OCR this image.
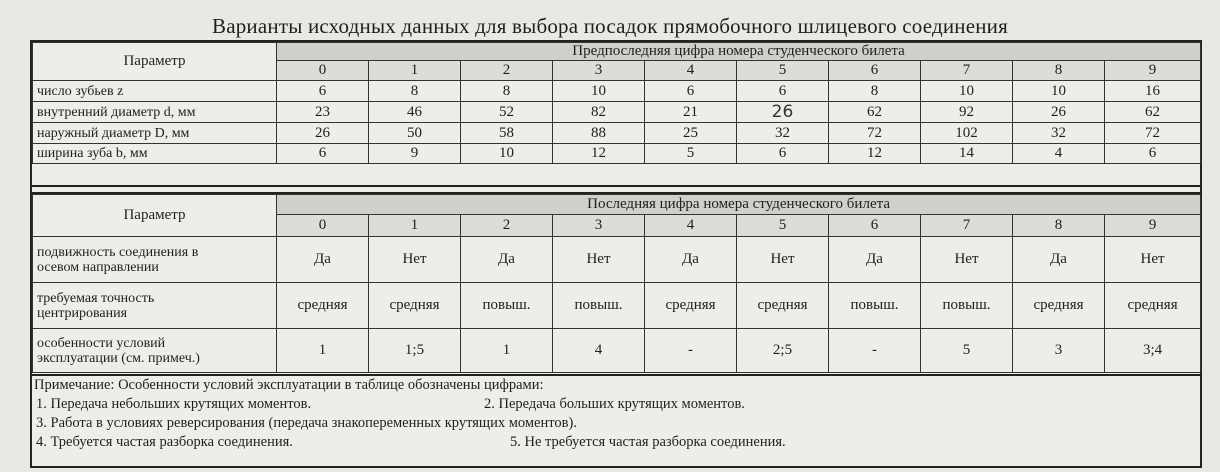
Варианты исходных данных для выбора посадок прямобочного шлицевого соединения
Параметр	Предпоследняя цифра номера студенческого билета									
	0	1	2	3	4	5	6	7	8	9
число зубьев z	6	8	8	10	6	6	8	10	10	16
внутренний диаметр d, мм	23	46	52	82	21	26	62	92	26	62
наружный диаметр D, мм	26	50	58	88	25	32	72	102	32	72
ширина зуба b, мм	6	9	10	12	5	6	12	14	4	6
Параметр	Последняя цифра номера студенческого билета									
	0	1	2	3	4	5	6	7	8	9

подвижность соединения в
осевом направлении	Да	Нет	Да	Нет	Да	Нет	Да	Нет	Да	Нет

требуемая точность
центрирования	средняя	средняя	повыш.	повыш.	средняя	средняя	повыш.	повыш.	средняя	средняя

особенности условий
эксплуатации (см. примеч.)	1	1;5	1	4	-	2;5	-	5	3	3;4
Примечание: Особенности условий эксплуатации в таблице обозначены цифрами:
1. Передача небольших крутящих моментов.	2. Передача больших крутящих моментов.
3. Работа в условиях реверсирования (передача знакопеременных крутящих моментов).
4. Требуется частая разборка соединения.	5. Не требуется частая разборка соединения.
